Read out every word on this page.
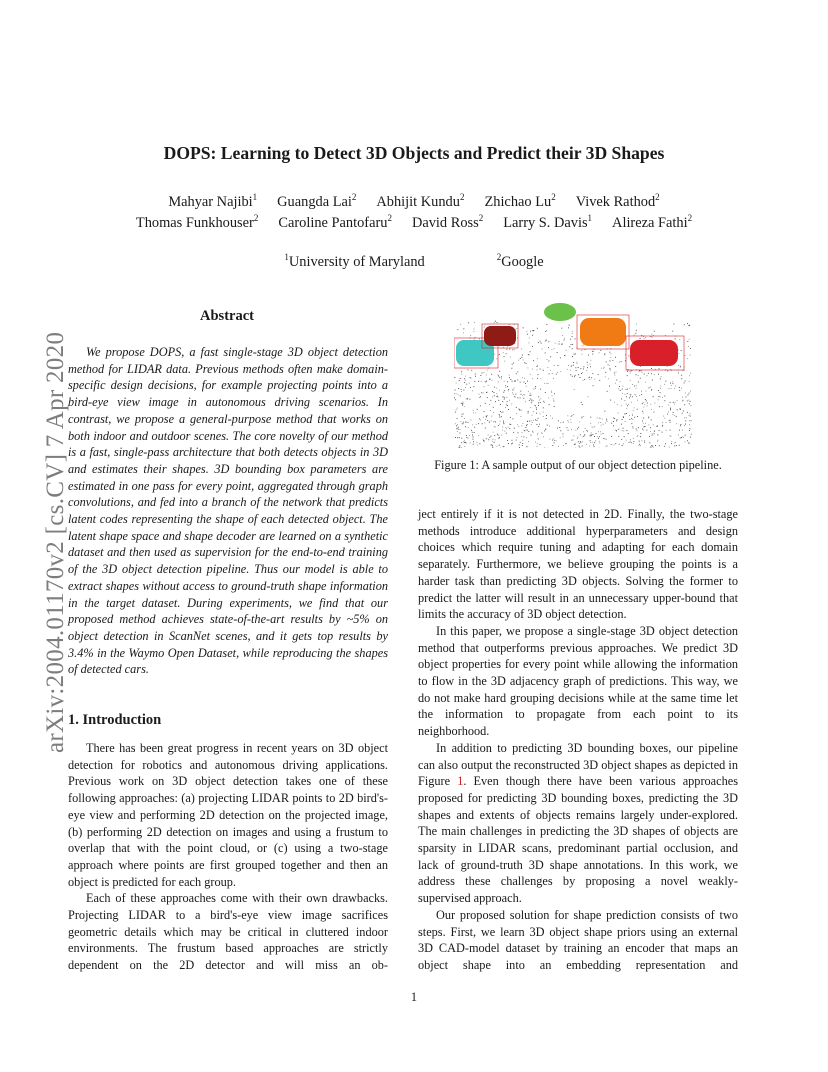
DOPS: Learning to Detect 3D Objects and Predict their 3D Shapes
Mahyar Najibi$^1$ Guangda Lai$^2$ Abhijit Kundu$^2$ Zhichao Lu$^2$ Vivek Rathod$^2$
Thomas Funkhouser$^2$ Caroline Pantofaru$^2$ David Ross$^2$ Larry S. Davis$^1$ Alireza Fathi$^2$
$^1$University of Maryland	$^2$Google
arXiv:2004.01170v2 [cs.CV] 7 Apr 2020
Abstract

We propose DOPS, a fast single-stage 3D object detection method for LIDAR data. Previous methods often make domain-specific design decisions, for example projecting points into a bird-eye view image in autonomous driving scenarios. In contrast, we propose a general-purpose method that works on both indoor and outdoor scenes. The core novelty of our method is a fast, single-pass architecture that both detects objects in 3D and estimates their shapes. 3D bounding box parameters are estimated in one pass for every point, aggregated through graph convolutions, and fed into a branch of the network that predicts latent codes representing the shape of each detected object. The latent shape space and shape decoder are learned on a synthetic dataset and then used as supervision for the end-to-end training of the 3D object detection pipeline. Thus our model is able to extract shapes without access to ground-truth shape information in the target dataset. During experiments, we find that our proposed method achieves state-of-the-art results by ~5% on object detection in ScanNet scenes, and it gets top results by 3.4% in the Waymo Open Dataset, while reproducing the shapes of detected cars.

1. Introduction

There has been great progress in recent years on 3D object detection for robotics and autonomous driving applications. Previous work on 3D object detection takes one of these following approaches: (a) projecting LIDAR points to 2D bird's-eye view and performing 2D detection on the projected image, (b) performing 2D detection on images and using a frustum to overlap that with the point cloud, or (c) using a two-stage approach where points are first grouped together and then an object is predicted for each group.

Each of these approaches come with their own drawbacks. Projecting LIDAR to a bird's-eye view image sacrifices geometric details which may be critical in cluttered indoor environments. The frustum based approaches are strictly dependent on the 2D detector and will miss an ob-

Figure 1: A sample output of our object detection pipeline.

ject entirely if it is not detected in 2D. Finally, the two-stage methods introduce additional hyperparameters and design choices which require tuning and adapting for each domain separately. Furthermore, we believe grouping the points is a harder task than predicting 3D objects. Solving the former to predict the latter will result in an unnecessary upper-bound that limits the accuracy of 3D object detection.

In this paper, we propose a single-stage 3D object detection method that outperforms previous approaches. We predict 3D object properties for every point while allowing the information to flow in the 3D adjacency graph of predictions. This way, we do not make hard grouping decisions while at the same time let the information to propagate from each point to its neighborhood.

In addition to predicting 3D bounding boxes, our pipeline can also output the reconstructed 3D object shapes as depicted in Figure 1. Even though there have been various approaches proposed for predicting 3D bounding boxes, predicting the 3D shapes and extents of objects remains largely under-explored. The main challenges in predicting the 3D shapes of objects are sparsity in LIDAR scans, predominant partial occlusion, and lack of ground-truth 3D shape annotations. In this work, we address these challenges by proposing a novel weakly-supervised approach.

Our proposed solution for shape prediction consists of two steps. First, we learn 3D object shape priors using an external 3D CAD-model dataset by training an encoder that maps an object shape into an embedding representation and

1
